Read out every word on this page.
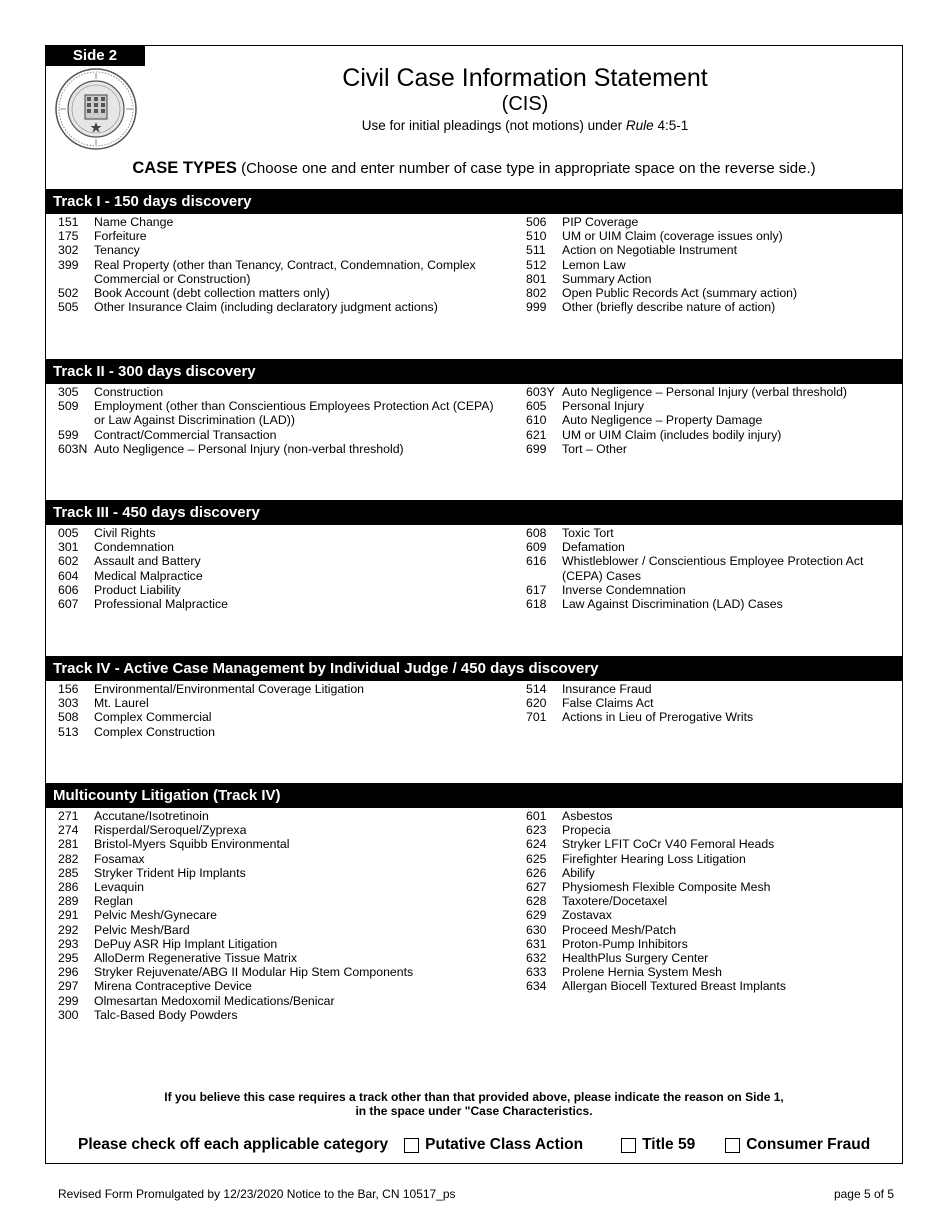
Side 2
Civil Case Information Statement
(CIS)
Use for initial pleadings (not motions) under Rule 4:5-1
CASE TYPES (Choose one and enter number of case type in appropriate space on the reverse side.)
Track I - 150 days discovery
151	Name Change
175	Forfeiture
302	Tenancy
399	Real Property (other than Tenancy, Contract, Condemnation, Complex Commercial or Construction)
502	Book Account (debt collection matters only)
505	Other Insurance Claim (including declaratory judgment actions)
506	PIP Coverage
510	UM or UIM Claim (coverage issues only)
511	Action on Negotiable Instrument
512	Lemon Law
801	Summary Action
802	Open Public Records Act (summary action)
999	Other (briefly describe nature of action)
Track II - 300 days discovery
305	Construction
509	Employment (other than Conscientious Employees Protection Act (CEPA) or Law Against Discrimination (LAD))
599	Contract/Commercial Transaction
603N Auto Negligence – Personal Injury (non-verbal threshold)
603Y Auto Negligence – Personal Injury (verbal threshold)
605	Personal Injury
610	Auto Negligence – Property Damage
621	UM or UIM Claim (includes bodily injury)
699	Tort – Other
Track III - 450 days discovery
005	Civil Rights
301	Condemnation
602	Assault and Battery
604	Medical Malpractice
606	Product Liability
607	Professional Malpractice
608	Toxic Tort
609	Defamation
616	Whistleblower / Conscientious Employee Protection Act (CEPA) Cases
617	Inverse Condemnation
618	Law Against Discrimination (LAD) Cases
Track IV - Active Case Management by Individual Judge / 450 days discovery
156	Environmental/Environmental Coverage Litigation
303	Mt. Laurel
508	Complex Commercial
513	Complex Construction
514	Insurance Fraud
620	False Claims Act
701	Actions in Lieu of Prerogative Writs
Multicounty Litigation (Track IV)
271	Accutane/Isotretinoin
274	Risperdal/Seroquel/Zyprexa
281	Bristol-Myers Squibb Environmental
282	Fosamax
285	Stryker Trident Hip Implants
286	Levaquin
289	Reglan
291	Pelvic Mesh/Gynecare
292	Pelvic Mesh/Bard
293	DePuy ASR Hip Implant Litigation
295	AlloDerm Regenerative Tissue Matrix
296	Stryker Rejuvenate/ABG II Modular Hip Stem Components
297	Mirena Contraceptive Device
299	Olmesartan Medoxomil Medications/Benicar
300	Talc-Based Body Powders
601	Asbestos
623	Propecia
624	Stryker LFIT CoCr V40 Femoral Heads
625	Firefighter Hearing Loss Litigation
626	Abilify
627	Physiomesh Flexible Composite Mesh
628	Taxotere/Docetaxel
629	Zostavax
630	Proceed Mesh/Patch
631	Proton-Pump Inhibitors
632	HealthPlus Surgery Center
633	Prolene Hernia System Mesh
634	Allergan Biocell Textured Breast Implants
If you believe this case requires a track other than that provided above, please indicate the reason on Side 1,
in the space under "Case Characteristics.
Please check off each applicable category Putative Class Action	Title 59	Consumer Fraud
Revised Form Promulgated by 12/23/2020 Notice to the Bar, CN 10517_ps	page 5 of 5
